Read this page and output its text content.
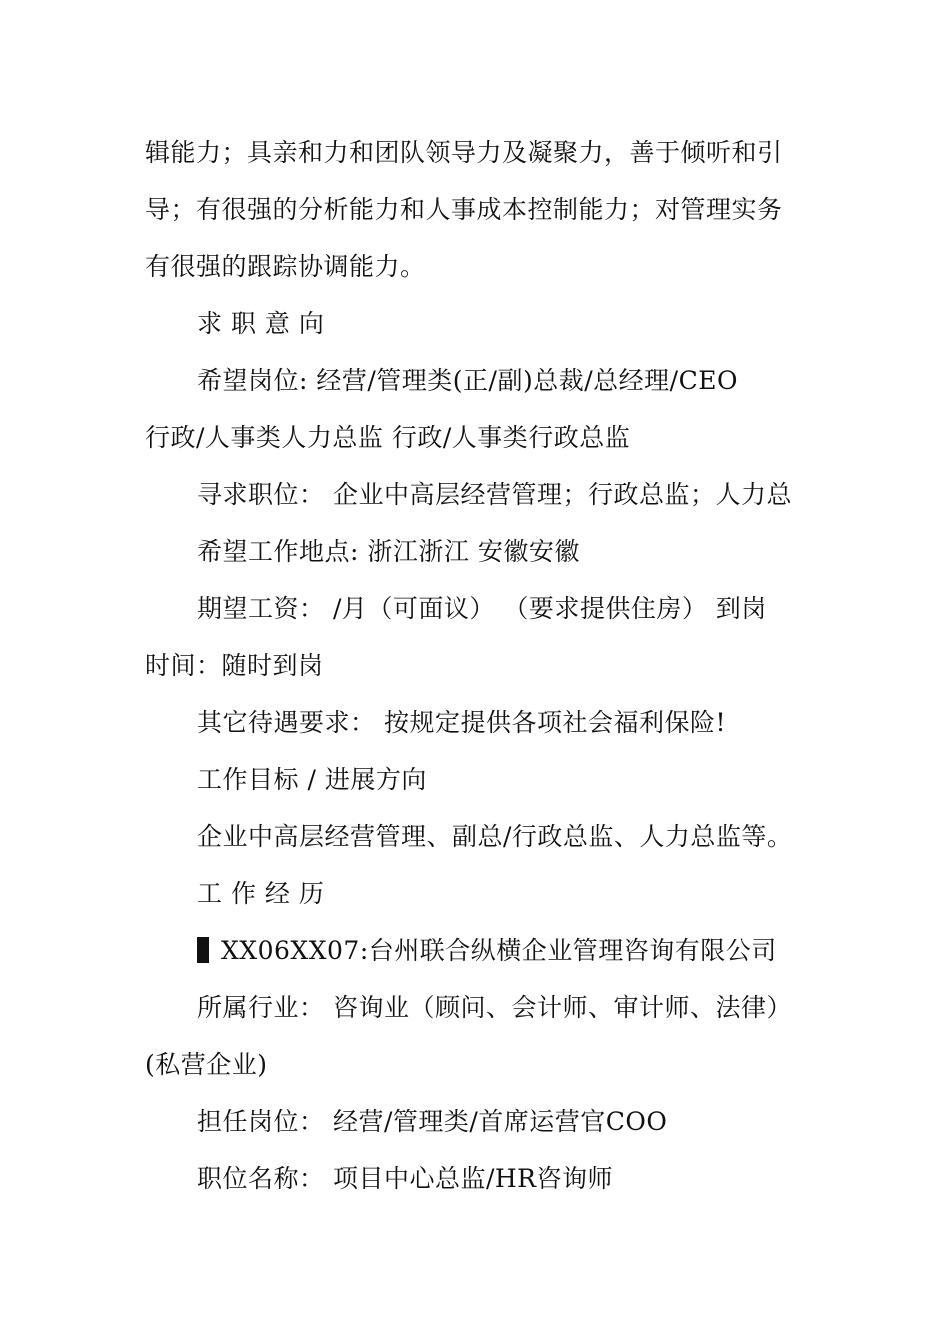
辑能力；具亲和力和团队领导力及凝聚力，善于倾听和引
导；有很强的分析能力和人事成本控制能力；对管理实务
有很强的跟踪协调能力。
求 职 意 向
希望岗位: 经营/管理类(正/副)总裁/总经理/CEO
行政/人事类人力总监 行政/人事类行政总监
寻求职位： 企业中高层经营管理；行政总监；人力总
希望工作地点: 浙江浙江 安徽安徽
期望工资： /月（可面议） （要求提供住房） 到岗
时间：随时到岗
其它待遇要求： 按规定提供各项社会福利保险!
工作目标 / 进展方向
企业中高层经营管理、副总/行政总监、人力总监等。
工 作 经 历
XX06XX07:台州联合纵横企业管理咨询有限公司
所属行业： 咨询业（顾问、会计师、审计师、法律）
(私营企业)
担任岗位： 经营/管理类/首席运营官COO
职位名称： 项目中心总监/HR咨询师
